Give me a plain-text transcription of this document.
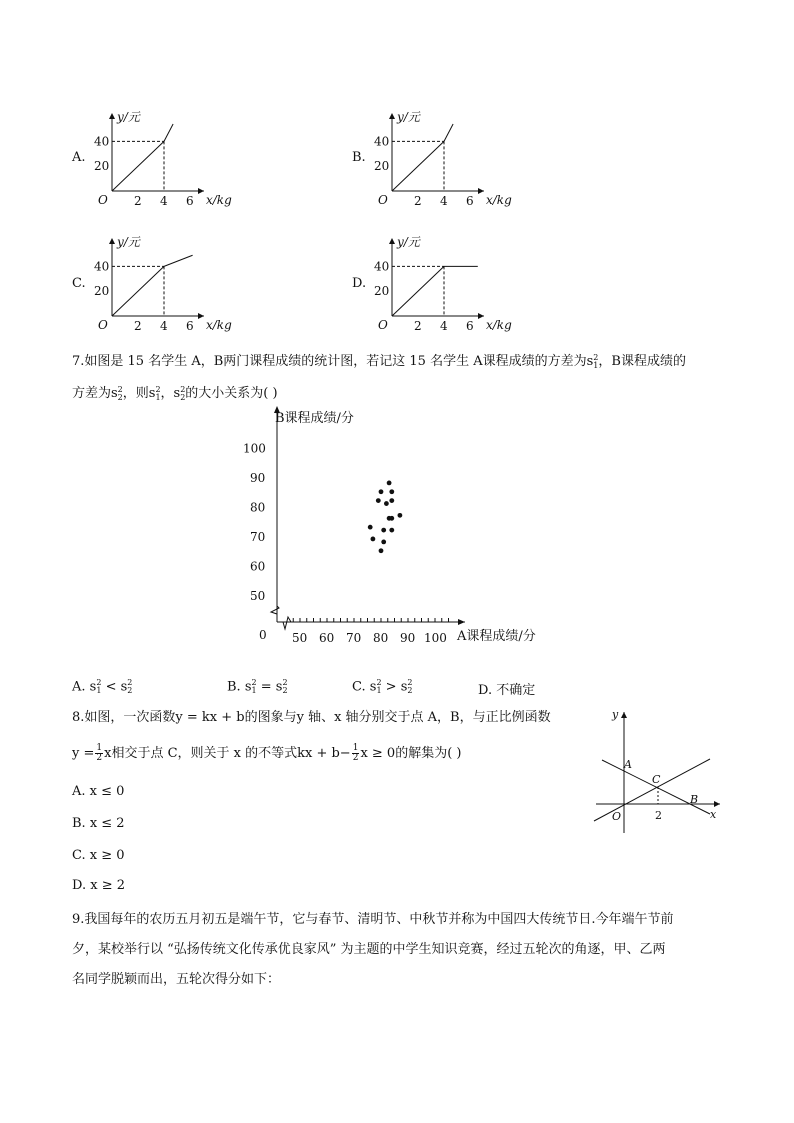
A.	B.
C.	D.
y/元
x/kg
O 2 4 6
20
40
y/元
x/kg
O 2 4 6
20
40
y/元
x/kg
O 2 4 6
20
40
y/元
x/kg
O 2 4 6
20
40
7.如图是 15 名学生 A，B两门课程成绩的统计图，若记这 15 名学生 A课程成绩的方差为s 2
1 ，B课程成绩的
方差为s 2
2 ，则s 2
1 ，s 2
2 的大小关系为( )
B课程成绩/分
A课程成绩/分
0 50 60 70 80 90 100
50
60
70
80
90
100
A. s 2
1 < s 2
2	B. s 2
1 = s 2
2	C. s 2
1 > s 2
2	D. 不确定
8.如图，一次函数y = kx + b的图象与y 轴、x 轴分别交于点 A，B，与正比例函数
$y = \frac{1}{2}$ x相交于点 C，则关于 x 的不等式kx + $b- \frac{1}{2}$ x ≥ 0的解集为( )
A. x ≤ 0
B. x ≤ 2
C. x ≥ 0
D. x ≥ 2
y
x
A
B
C
O	2
9.我国每年的农历五月初五是端午节，它与春节、清明节、中秋节并称为中国四大传统节日.今年端午节前
夕，某校举行以 “弘扬传统文化传承优良家风” 为主题的中学生知识竞赛，经过五轮次的角逐，甲、乙两
名同学脱颖而出，五轮次得分如下：
